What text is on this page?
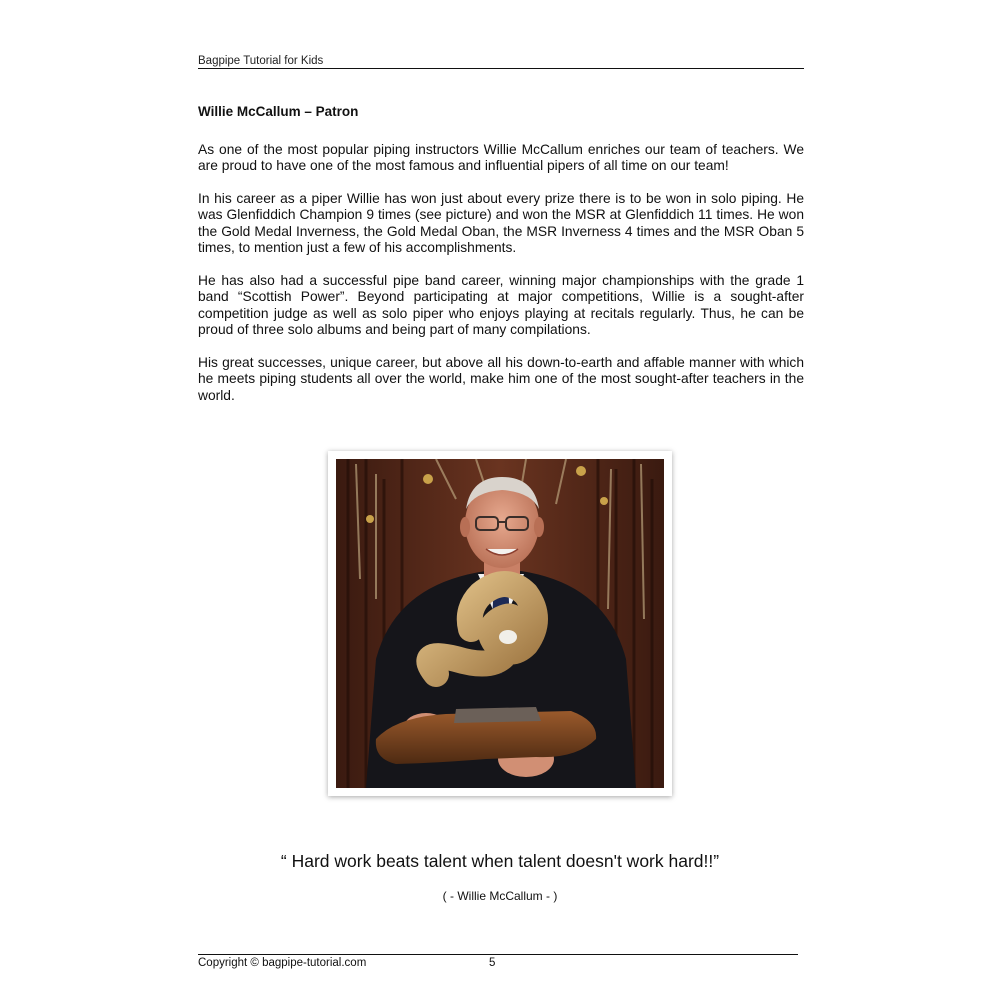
Bagpipe Tutorial for Kids
Willie McCallum – Patron
As one of the most popular piping instructors Willie McCallum enriches our team of teachers. We are proud to have one of the most famous and influential pipers of all time on our team!
In his career as a piper Willie has won just about every prize there is to be won in solo piping. He was Glenfiddich Champion 9 times (see picture) and won the MSR at Glenfiddich 11 times. He won the Gold Medal Inverness, the Gold Medal Oban, the MSR Inverness 4 times and the MSR Oban 5 times, to mention just a few of his accomplishments.
He has also had a successful pipe band career, winning major championships with the grade 1 band “Scottish Power”. Beyond participating at major competitions, Willie is a sought-after competition judge as well as solo piper who enjoys playing at recitals regularly. Thus, he can be proud of three solo albums and being part of many compilations.
His great successes, unique career, but above all his down-to-earth and affable manner with which he meets piping students all over the world, make him one of the most sought-after teachers in the world.
“ Hard work beats talent when talent doesn't work hard!!”
( - Willie McCallum - )
Copyright © bagpipe-tutorial.com	5
